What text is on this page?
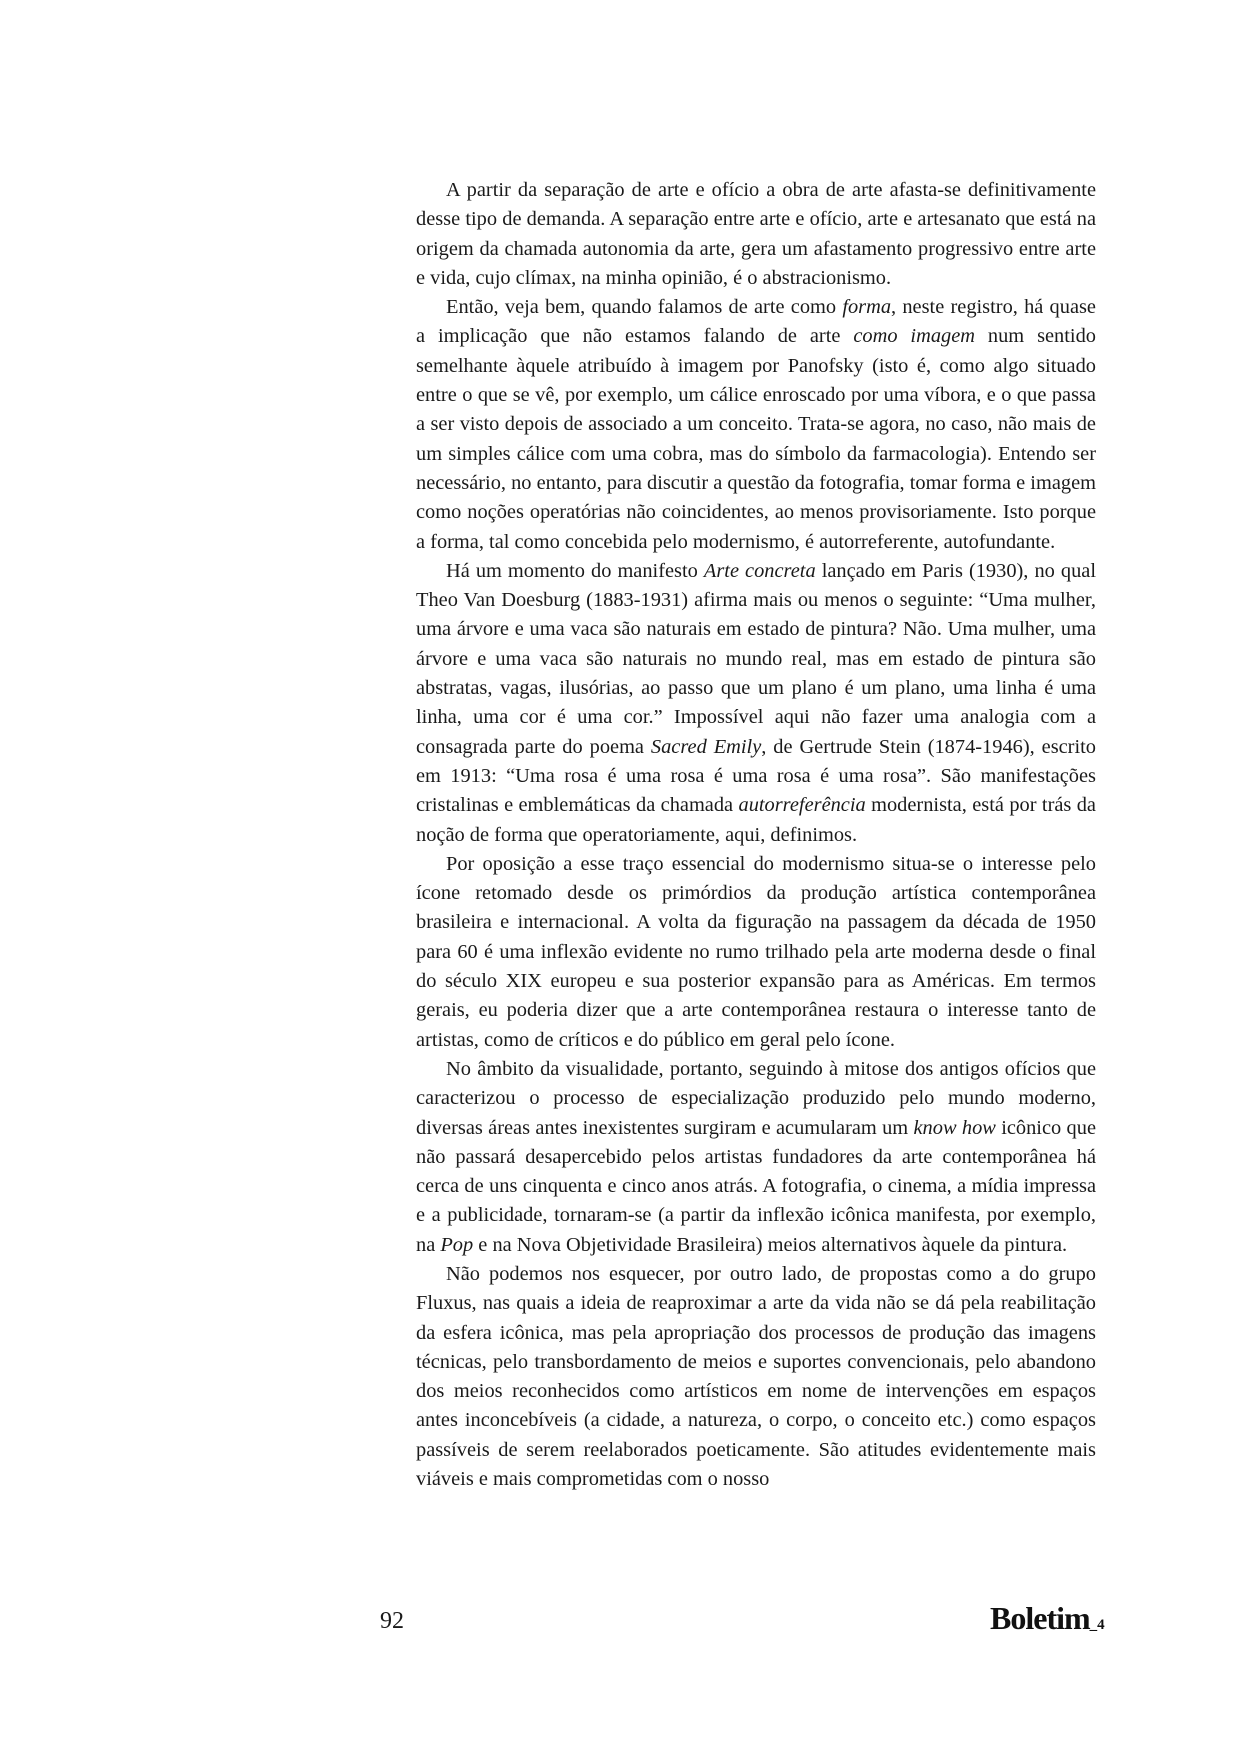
A partir da separação de arte e ofício a obra de arte afasta-se definitivamente desse tipo de demanda. A separação entre arte e ofício, arte e artesanato que está na origem da chamada autonomia da arte, gera um afastamento progressivo entre arte e vida, cujo clímax, na minha opinião, é o abstracionismo.

Então, veja bem, quando falamos de arte como forma, neste registro, há quase a implicação que não estamos falando de arte como imagem num sentido semelhante àquele atribuído à imagem por Panofsky (isto é, como algo situado entre o que se vê, por exemplo, um cálice enroscado por uma víbora, e o que passa a ser visto depois de associado a um conceito. Trata-se agora, no caso, não mais de um simples cálice com uma cobra, mas do símbolo da farmacologia). Entendo ser necessário, no entanto, para discutir a questão da fotografia, tomar forma e imagem como noções operatórias não coincidentes, ao menos provisoriamente. Isto porque a forma, tal como concebida pelo modernismo, é autorreferente, autofundante.

Há um momento do manifesto Arte concreta lançado em Paris (1930), no qual Theo Van Doesburg (1883-1931) afirma mais ou menos o seguinte: “Uma mulher, uma árvore e uma vaca são naturais em estado de pintura? Não. Uma mulher, uma árvore e uma vaca são naturais no mundo real, mas em estado de pintura são abstratas, vagas, ilusórias, ao passo que um plano é um plano, uma linha é uma linha, uma cor é uma cor.” Impossível aqui não fazer uma analogia com a consagrada parte do poema Sacred Emily, de Gertrude Stein (1874-1946), escrito em 1913: “Uma rosa é uma rosa é uma rosa é uma rosa”. São manifestações cristalinas e emblemáticas da chamada autorreferência modernista, está por trás da noção de forma que operatoriamente, aqui, definimos.

Por oposição a esse traço essencial do modernismo situa-se o interesse pelo ícone retomado desde os primórdios da produção artística contemporânea brasileira e internacional. A volta da figuração na passagem da década de 1950 para 60 é uma inflexão evidente no rumo trilhado pela arte moderna desde o final do século XIX europeu e sua posterior expansão para as Américas. Em termos gerais, eu poderia dizer que a arte contemporânea restaura o interesse tanto de artistas, como de críticos e do público em geral pelo ícone.

No âmbito da visualidade, portanto, seguindo à mitose dos antigos ofícios que caracterizou o processo de especialização produzido pelo mundo moderno, diversas áreas antes inexistentes surgiram e acumularam um know how icônico que não passará desapercebido pelos artistas fundadores da arte contemporânea há cerca de uns cinquenta e cinco anos atrás. A fotografia, o cinema, a mídia impressa e a publicidade, tornaram-se (a partir da inflexão icônica manifesta, por exemplo, na Pop e na Nova Objetividade Brasileira) meios alternativos àquele da pintura.

Não podemos nos esquecer, por outro lado, de propostas como a do grupo Fluxus, nas quais a ideia de reaproximar a arte da vida não se dá pela reabilitação da esfera icônica, mas pela apropriação dos processos de produção das imagens técnicas, pelo transbordamento de meios e suportes convencionais, pelo abandono dos meios reconhecidos como artísticos em nome de intervenções em espaços antes inconcebíveis (a cidade, a natureza, o corpo, o conceito etc.) como espaços passíveis de serem reelaborados poeticamente. São atitudes evidentemente mais viáveis e mais comprometidas com o nosso

92	Boletim_4
